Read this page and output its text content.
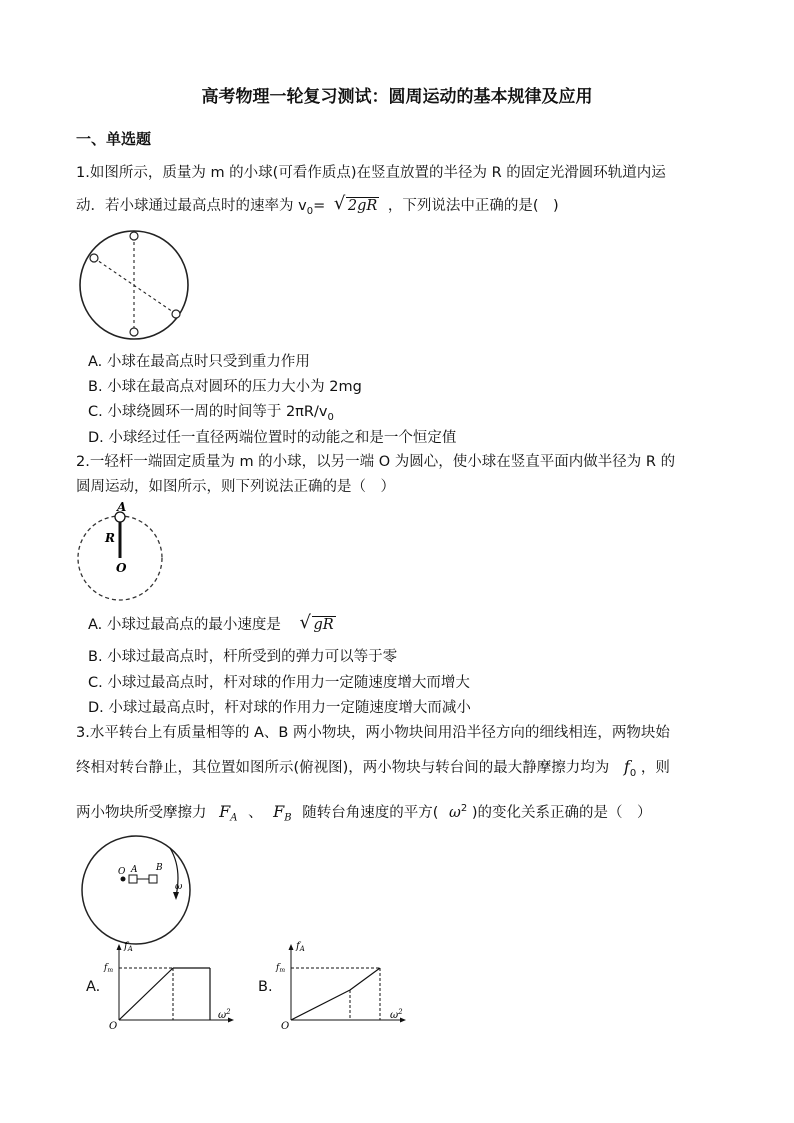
高考物理一轮复习测试：圆周运动的基本规律及应用
一、单选题
1.如图所示，质量为 m 的小球(可看作质点)在竖直放置的半径为 R 的固定光滑圆环轨道内运
动．若小球通过最高点时的速率为 $v_0=$ √ 2gR ，下列说法中正确的是(　)
A. 小球在最高点时只受到重力作用
B. 小球在最高点对圆环的压力大小为 2mg
C. 小球绕圆环一周的时间等于 $2\pi R/v_0$
D. 小球经过任一直径两端位置时的动能之和是一个恒定值
2.一轻杆一端固定质量为 m 的小球，以另一端 O 为圆心，使小球在竖直平面内做半径为 R 的
圆周运动，如图所示，则下列说法正确的是（　）
A
R
O
A. 小球过最高点的最小速度是 √ gR
B. 小球过最高点时，杆所受到的弹力可以等于零
C. 小球过最高点时，杆对球的作用力一定随速度增大而增大
D. 小球过最高点时，杆对球的作用力一定随速度增大而减小
3.水平转台上有质量相等的 A、B 两小物块，两小物块间用沿半径方向的细线相连，两物块始
终相对转台静止，其位置如图所示(俯视图)，两小物块与转台间的最大静摩擦力均为 $f_0$ ，则
两小物块所受摩擦力 $F_A$ 、 $F_B$ 随转台角速度的平方( $\omega^2$ )的变化关系正确的是（　）
O A B
ω
A.
$f_A$
$f_m$
O
$\omega^2$
B.
$f_A$
$f_m$
O
$\omega^2$
